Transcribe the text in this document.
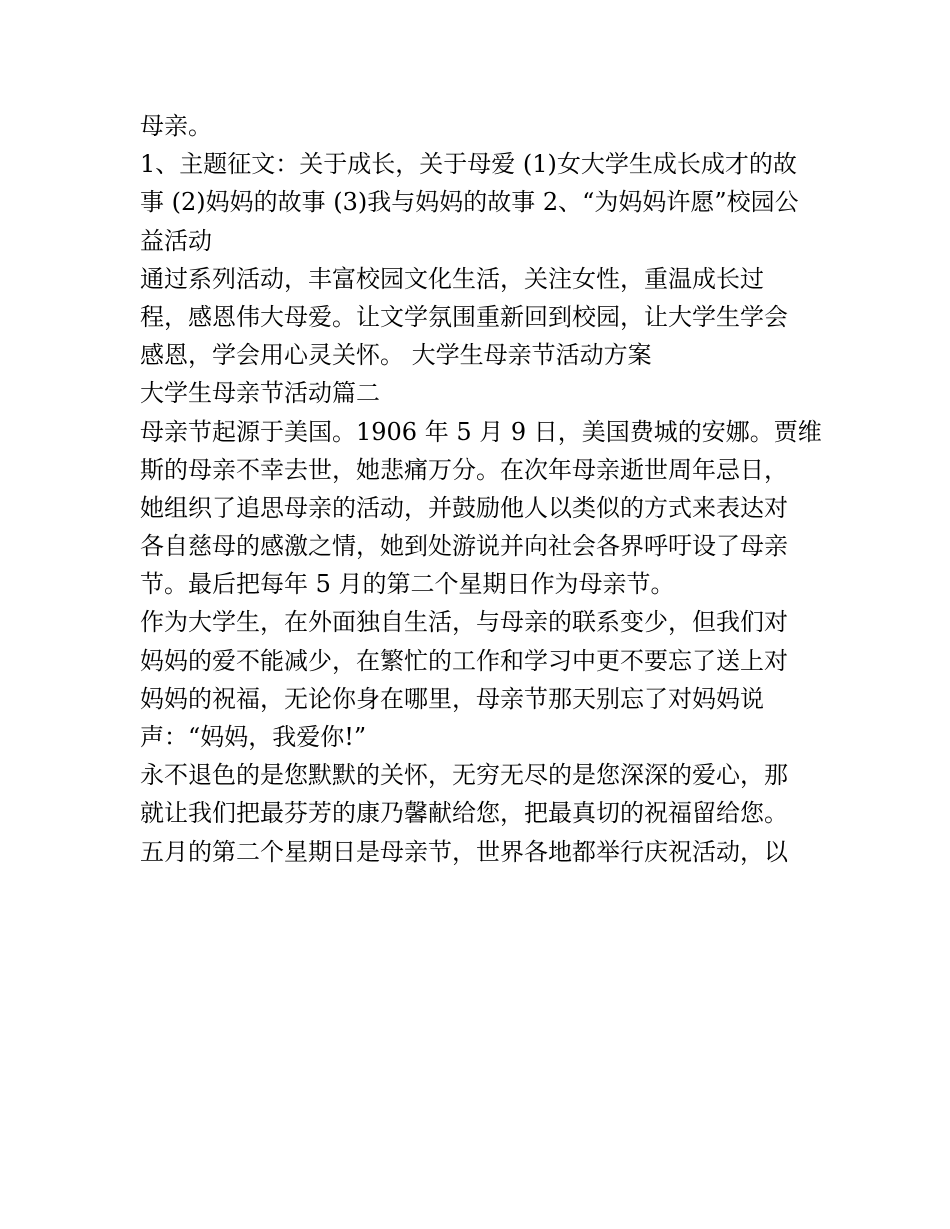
母亲。

1、主题征文：关于成长，关于母爱 (1)女大学生成长成才的故
事 (2)妈妈的故事 (3)我与妈妈的故事 2、“为妈妈许愿”校园公
益活动

通过系列活动，丰富校园文化生活，关注女性，重温成长过
程，感恩伟大母爱。让文学氛围重新回到校园，让大学生学会
感恩，学会用心灵关怀。 大学生母亲节活动方案

大学生母亲节活动篇二

母亲节起源于美国。1906 年 5 月 9 日，美国费城的安娜。贾维
斯的母亲不幸去世，她悲痛万分。在次年母亲逝世周年忌日，
她组织了追思母亲的活动，并鼓励他人以类似的方式来表达对
各自慈母的感激之情，她到处游说并向社会各界呼吁设了母亲
节。最后把每年 5 月的第二个星期日作为母亲节。

作为大学生，在外面独自生活，与母亲的联系变少，但我们对
妈妈的爱不能减少，在繁忙的工作和学习中更不要忘了送上对
妈妈的祝福，无论你身在哪里，母亲节那天别忘了对妈妈说
声：“妈妈，我爱你!”

永不退色的是您默默的关怀，无穷无尽的是您深深的爱心，那
就让我们把最芬芳的康乃馨献给您，把最真切的祝福留给您。
五月的第二个星期日是母亲节，世界各地都举行庆祝活动，以
